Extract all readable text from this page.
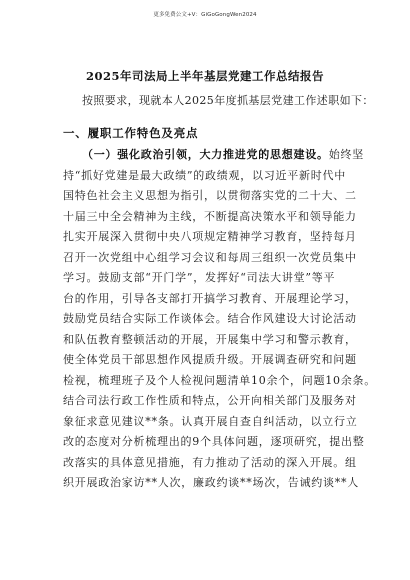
更多免费公文+V：GiGoGongWen2024
2025年司法局上半年基层党建工作总结报告
按照要求，现就本人2025年度抓基层党建工作述职如下：
一、履职工作特色及亮点
（一）强化政治引领，大力推进党的思想建设。始终坚
持“抓好党建是最大政绩”的政绩观，以习近平新时代中
国特色社会主义思想为指引，以贯彻落实党的二十大、二
十届三中全会精神为主线，不断提高决策水平和领导能力
扎实开展深入贯彻中央八项规定精神学习教育，坚持每月
召开一次党组中心组学习会议和每周三组织一次党员集中
学习。鼓励支部“开门学”，发挥好“司法大讲堂”等平
台的作用，引导各支部打开搞学习教育、开展理论学习，
鼓励党员结合实际工作谈体会。结合作风建设大讨论活动
和队伍教育整顿活动的开展，开展集中学习和警示教育，
使全体党员干部思想作风提质升级。开展调查研究和问题
检视，梳理班子及个人检视问题清单10余个，问题10余条。
结合司法行政工作性质和特点，公开向相关部门及服务对
象征求意见建议**条。认真开展自查自纠活动，以立行立
改的态度对分析梳理出的9个具体问题，逐项研究，提出整
改落实的具体意见措施，有力推动了活动的深入开展。组
织开展政治家访**人次，廉政约谈**场次，告诫约谈**人
